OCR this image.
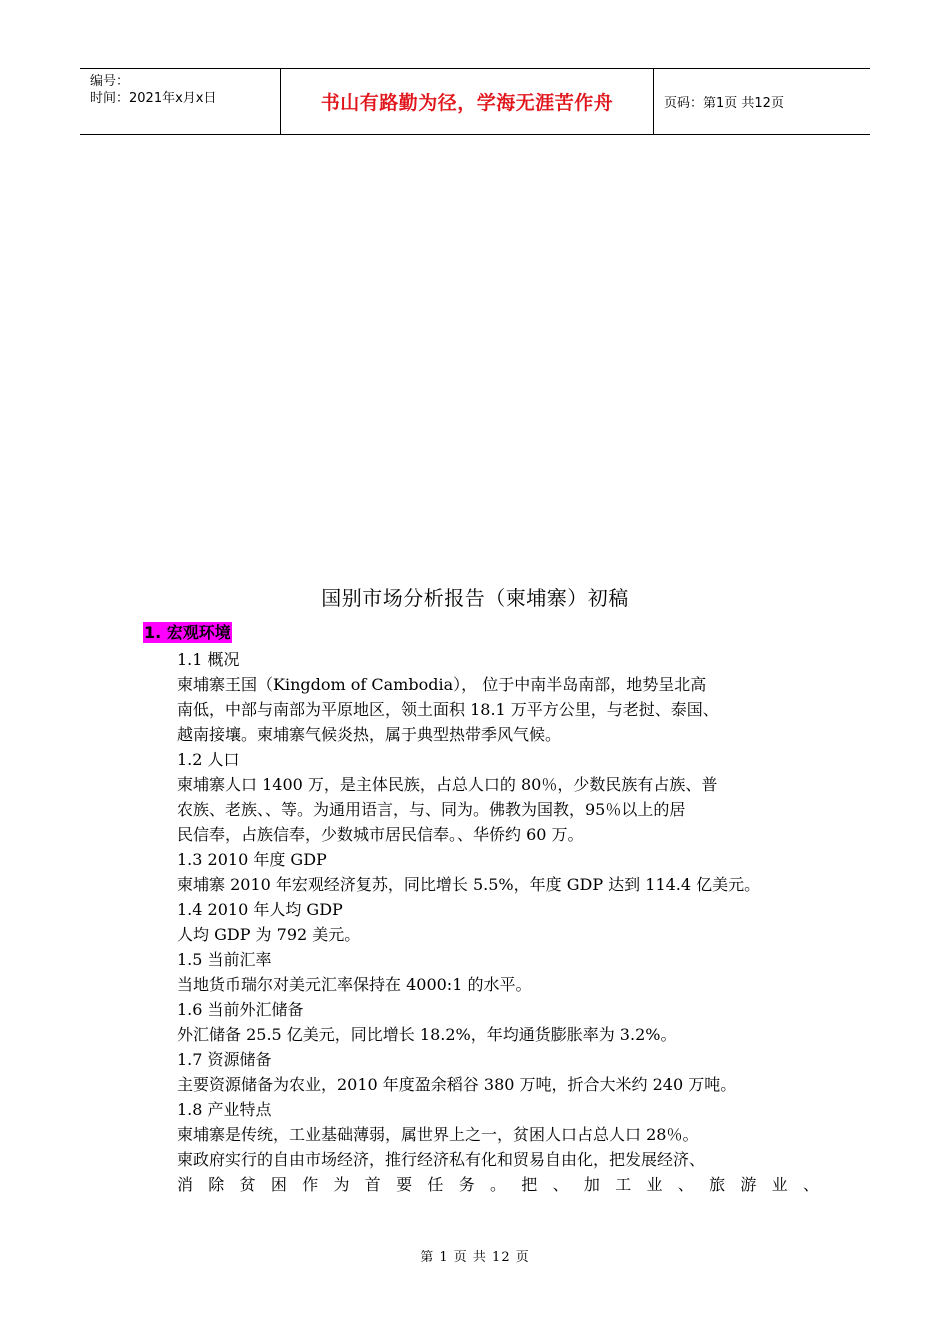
编号：
时间：2021年x月x日	书山有路勤为径，学海无涯苦作舟	页码：第1页 共12页
国别市场分析报告（柬埔寨）初稿
1. 宏观环境

1.1 概况

柬埔寨王国（Kingdom of Cambodia）， 位于中南半岛南部，地势呈北高

南低，中部与南部为平原地区，领土面积 18.1 万平方公里，与老挝、泰国、

越南接壤。柬埔寨气候炎热，属于典型热带季风气候。

1.2 人口

柬埔寨人口 1400 万，是主体民族，占总人口的 80％，少数民族有占族、普

农族、老族、、等。为通用语言，与、同为。佛教为国教，95％以上的居

民信奉，占族信奉，少数城市居民信奉。、华侨约 60 万。

1.3 2010 年度 GDP

柬埔寨 2010 年宏观经济复苏，同比增长 5.5%，年度 GDP 达到 114.4 亿美元。

1.4 2010 年人均 GDP

人均 GDP 为 792 美元。

1.5 当前汇率

当地货币瑞尔对美元汇率保持在 4000:1 的水平。

1.6 当前外汇储备

外汇储备 25.5 亿美元，同比增长 18.2%，年均通货膨胀率为 3.2%。

1.7 资源储备

主要资源储备为农业，2010 年度盈余稻谷 380 万吨，折合大米约 240 万吨。

1.8 产业特点

柬埔寨是传统，工业基础薄弱，属世界上之一，贫困人口占总人口 28％。

柬政府实行的自由市场经济，推行经济私有化和贸易自由化，把发展经济、

消 除 贫 困 作 为 首 要 任 务 。 把 、 加 工 业 、 旅 游 业 、

第 1 页 共 12 页
